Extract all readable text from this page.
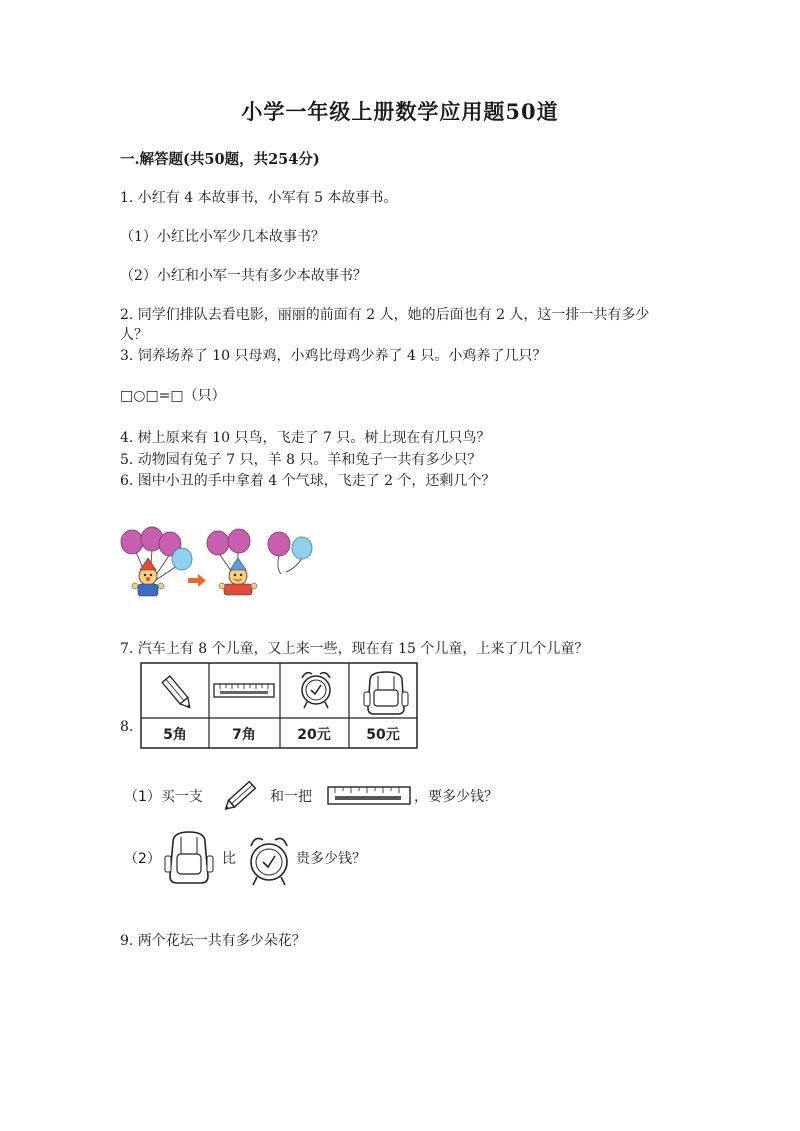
小学一年级上册数学应用题50道
一.解答题(共50题，共254分)
1. 小红有 4 本故事书，小军有 5 本故事书。
（1）小红比小军少几本故事书？
（2）小红和小军一共有多少本故事书？
2. 同学们排队去看电影，丽丽的前面有 2 人，她的后面也有 2 人，这一排一共有多少人？
3. 饲养场养了 10 只母鸡，小鸡比母鸡少养了 4 只。小鸡养了几只？
□○□=□（只）
4. 树上原来有 10 只鸟，飞走了 7 只。树上现在有几只鸟？
5. 动物园有兔子 7 只，羊 8 只。羊和兔子一共有多少只？
6. 图中小丑的手中拿着 4 个气球，飞走了 2 个，还剩几个？
7. 汽车上有 8 个儿童，又上来一些，现在有 15 个儿童，上来了几个儿童？
8.	5角	7角	20元	50元
（1）买一支	和一把	，要多少钱？
（2）	比	贵多少钱？
9. 两个花坛一共有多少朵花？
